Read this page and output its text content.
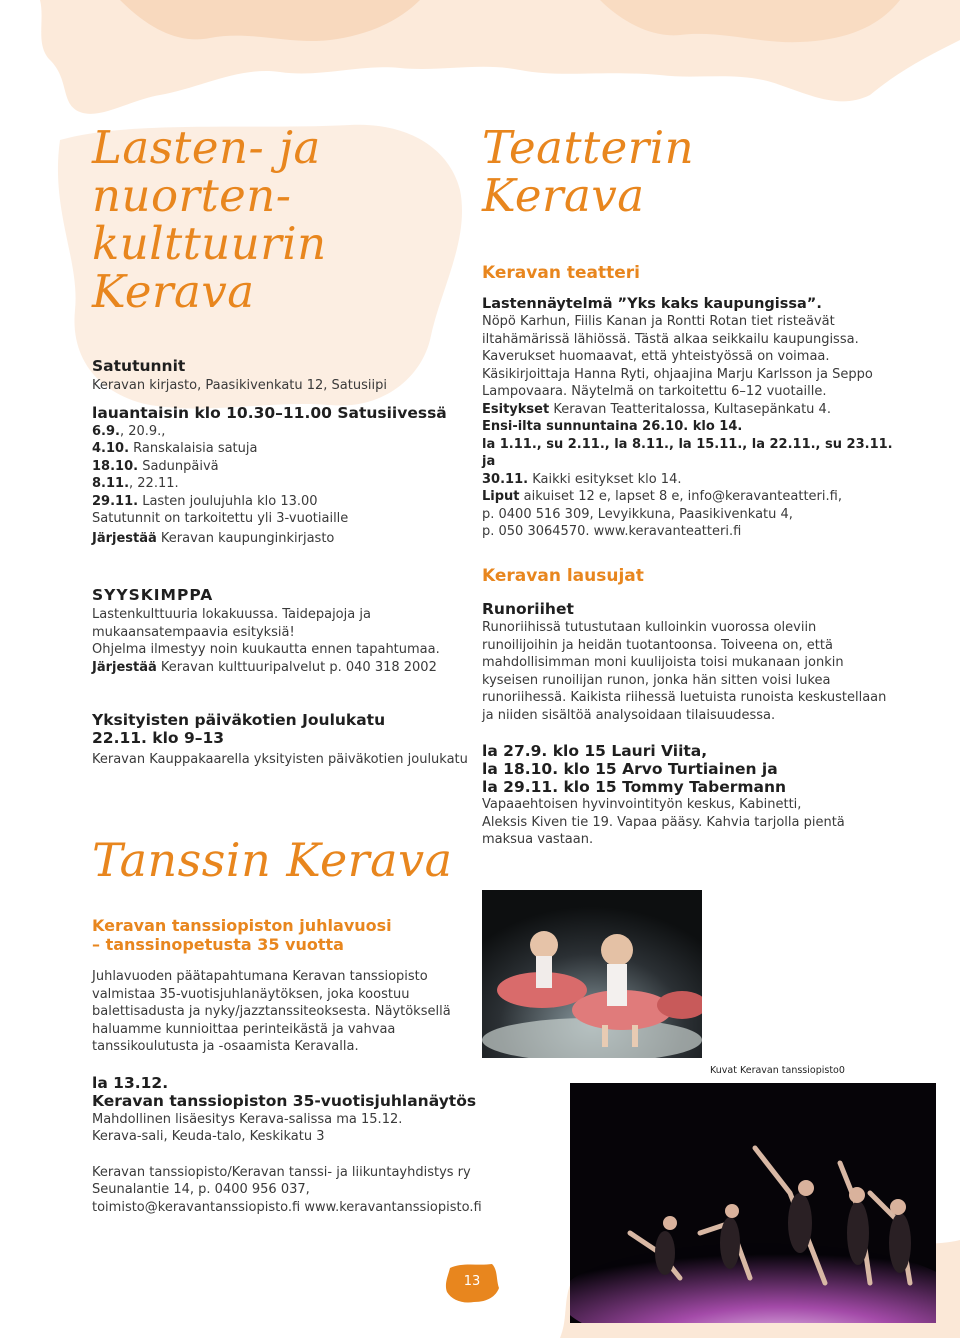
Lasten- ja
nuorten-
kulttuurin
Kerava
Satutunnit

Keravan kirjasto, Paasikivenkatu 12, Satusiipi

lauantaisin klo 10.30–11.00 Satusiivessä

6.9., 20.9.,

4.10. Ranskalaisia satuja

18.10. Sadunpäivä

8.11., 22.11.

29.11. Lasten joulujuhla klo 13.00

Satutunnit on tarkoitettu yli 3-vuotiaille

Järjestää Keravan kaupunginkirjasto

SYYSKIMPPA

Lastenkulttuuria lokakuussa. Taidepajoja ja

mukaansatempaavia esityksiä!

Ohjelma ilmestyy noin kuukautta ennen tapahtumaa.

Järjestää Keravan kulttuuripalvelut p. 040 318 2002

Yksityisten päiväkotien Joulukatu
22.11. klo 9–13

Keravan Kauppakaarella yksityisten päiväkotien joulukatu

Tanssin Kerava
Keravan tanssiopiston juhlavuosi
– tanssinopetusta 35 vuotta

Juhlavuoden päätapahtumana Keravan tanssiopisto

valmistaa 35-vuotisjuhlanäytöksen, joka koostuu

balettisadusta ja nyky/jazztanssiteoksesta. Näytöksellä

haluamme kunnioittaa perinteikästä ja vahvaa

tanssikoulutusta ja -osaamista Keravalla.

la 13.12.
Keravan tanssiopiston 35-vuotisjuhlanäytös

Mahdollinen lisäesitys Kerava-salissa ma 15.12.

Kerava-sali, Keuda-talo, Keskikatu 3

Keravan tanssiopisto/Keravan tanssi- ja liikuntayhdistys ry

Seunalantie 14, p. 0400 956 037,

toimisto@keravantanssiopisto.fi www.keravantanssiopisto.fi

Teatterin
Kerava
Keravan teatteri
Lastennäytelmä ”Yks kaks kaupungissa”.

Nöpö Karhun, Fiilis Kanan ja Rontti Rotan tiet risteävät

iltahämärissä lähiössä. Tästä alkaa seikkailu kaupungissa.

Kaverukset huomaavat, että yhteistyössä on voimaa.

Käsikirjoittaja Hanna Ryti, ohjaajina Marju Karlsson ja Seppo

Lampovaara. Näytelmä on tarkoitettu 6–12 vuotaille.

Esitykset Keravan Teatteritalossa, Kultasepänkatu 4.

Ensi-ilta sunnuntaina 26.10. klo 14.

la 1.11., su 2.11., la 8.11., la 15.11., la 22.11., su 23.11. ja

30.11. Kaikki esitykset klo 14.

Liput aikuiset 12 e, lapset 8 e, info@keravanteatteri.fi,

p. 0400 516 309, Levyikkuna, Paasikivenkatu 4,

p. 050 3064570. www.keravanteatteri.fi

Keravan lausujat
Runoriihet

Runoriihissä tutustutaan kulloinkin vuorossa oleviin

runoilijoihin ja heidän tuotantoonsa. Toiveena on, että

mahdollisimman moni kuulijoista toisi mukanaan jonkin

kyseisen runoilijan runon, jonka hän sitten voisi lukea

runoriihessä. Kaikista riihessä luetuista runoista keskustellaan

ja niiden sisältöä analysoidaan tilaisuudessa.

la 27.9. klo 15 Lauri Viita,
la 18.10. klo 15 Arvo Turtiainen ja
la 29.11. klo 15 Tommy Tabermann

Vapaaehtoisen hyvinvointityön keskus, Kabinetti,

Aleksis Kiven tie 19. Vapaa pääsy. Kahvia tarjolla pientä

maksua vastaan.

Kuvat Keravan tanssiopisto0
13
